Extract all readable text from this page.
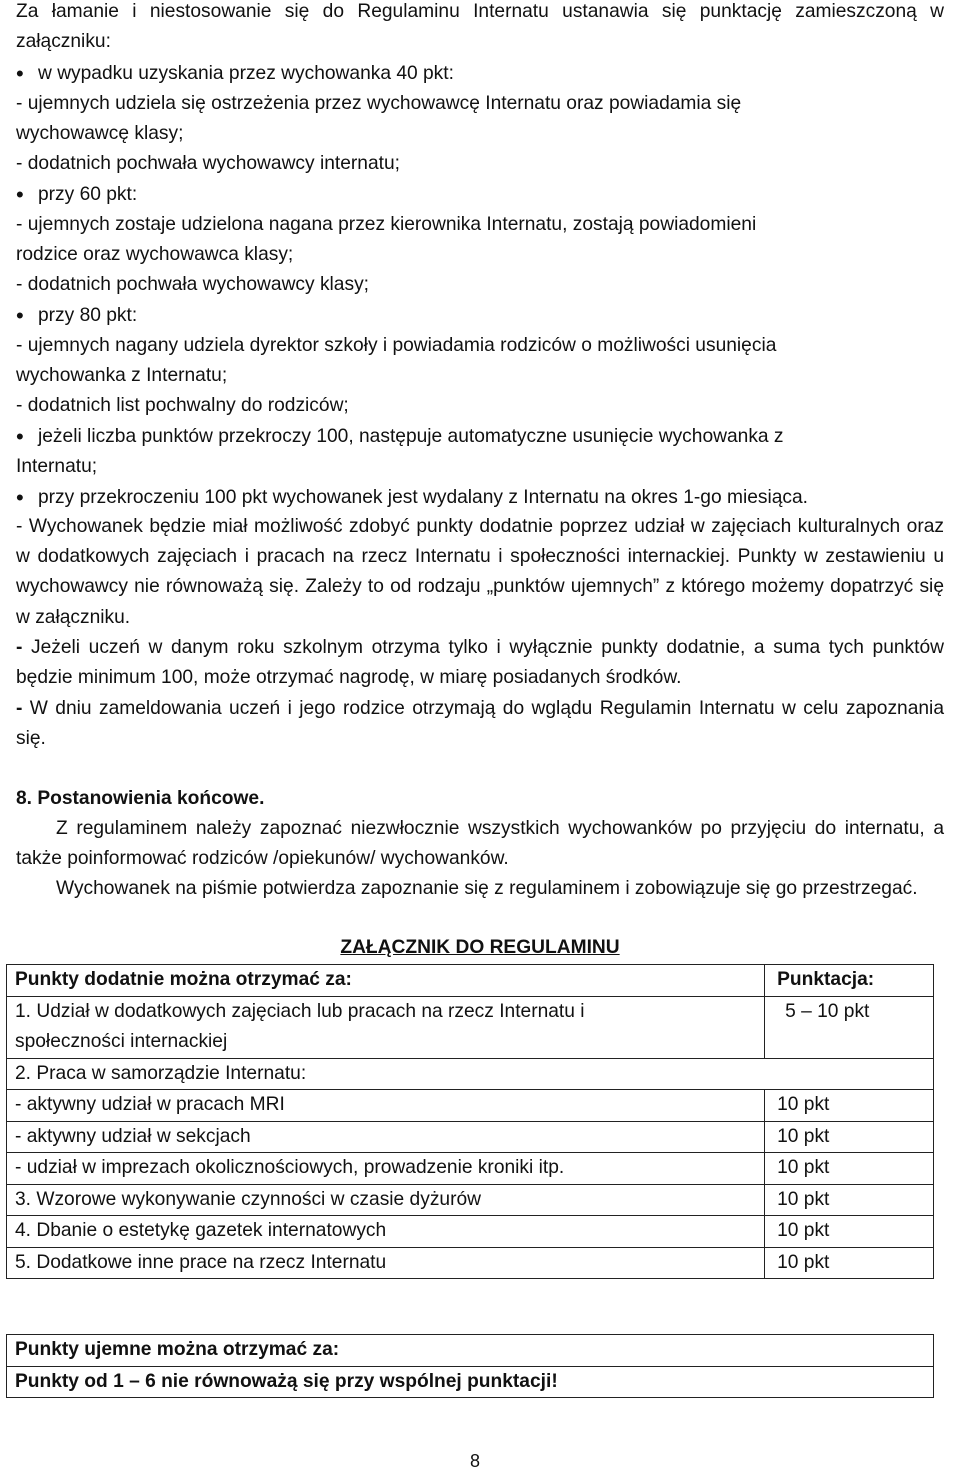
Za łamanie i niestosowanie się do Regulaminu Internatu ustanawia się punktację zamieszczoną w załączniku:
• w wypadku uzyskania przez wychowanka 40 pkt:
- ujemnych udziela się ostrzeżenia przez wychowawcę Internatu oraz powiadamia się
wychowawcę klasy;
- dodatnich pochwała wychowawcy internatu;
• przy 60 pkt:
- ujemnych zostaje udzielona nagana przez kierownika Internatu, zostają powiadomieni
rodzice oraz wychowawca klasy;
- dodatnich pochwała wychowawcy klasy;
• przy 80 pkt:
- ujemnych nagany udziela dyrektor szkoły i powiadamia rodziców o możliwości usunięcia
wychowanka z Internatu;
- dodatnich list pochwalny do rodziców;
• jeżeli liczba punktów przekroczy 100, następuje automatyczne usunięcie wychowanka z
Internatu;
• przy przekroczeniu 100 pkt wychowanek jest wydalany z Internatu na okres 1-go miesiąca.
- Wychowanek będzie miał możliwość zdobyć punkty dodatnie poprzez udział w zajęciach kulturalnych oraz w dodatkowych zajęciach i pracach na rzecz Internatu i społeczności internackiej. Punkty w zestawieniu u wychowawcy nie równoważą się. Zależy to od rodzaju „punktów ujemnych” z którego możemy dopatrzyć się w załączniku.
- Jeżeli uczeń w danym roku szkolnym otrzyma tylko i wyłącznie punkty dodatnie, a suma tych punktów będzie minimum 100, może otrzymać nagrodę, w miarę posiadanych środków.
- W dniu zameldowania uczeń i jego rodzice otrzymają do wglądu Regulamin Internatu w celu zapoznania się.
8. Postanowienia końcowe.
Z regulaminem należy zapoznać niezwłocznie wszystkich wychowanków po przyjęciu do internatu, a także poinformować rodziców /opiekunów/ wychowanków.
Wychowanek na piśmie potwierdza zapoznanie się z regulaminem i zobowiązuje się go przestrzegać.
ZAŁĄCZNIK DO REGULAMINU
Punkty dodatnie można otrzymać za:	Punktacja:
1. Udział w dodatkowych zajęciach lub pracach na rzecz Internatu i społeczności internackiej	5 – 10 pkt
2. Praca w samorządzie Internatu:	
- aktywny udział w pracach MRI	10 pkt
- aktywny udział w sekcjach	10 pkt
- udział w imprezach okolicznościowych, prowadzenie kroniki itp.	10 pkt
3. Wzorowe wykonywanie czynności w czasie dyżurów	10 pkt
4. Dbanie o estetykę gazetek internatowych	10 pkt
5. Dodatkowe inne prace na rzecz Internatu	10 pkt
Punkty ujemne można otrzymać za:
Punkty od 1 – 6 nie równoważą się przy wspólnej punktacji!
8
